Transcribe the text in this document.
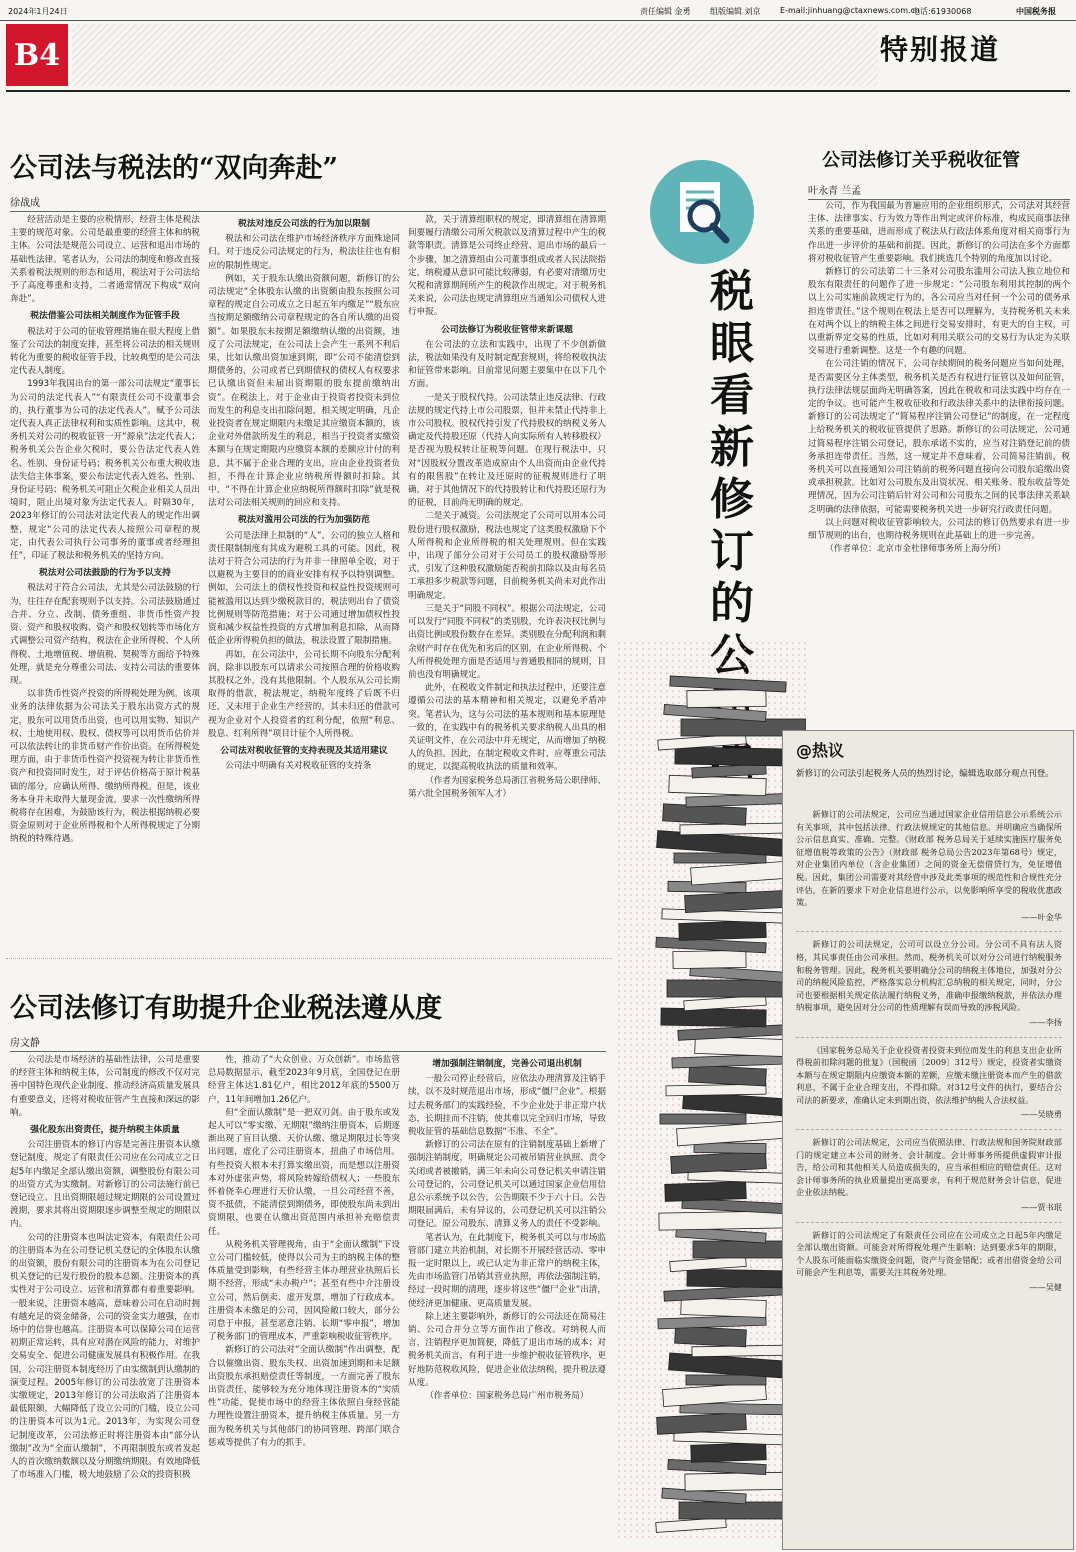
2024年1月24日	责任编辑 金勇 组版编辑 刘京 E-mail:jinhuang@ctaxnews.com.cn
电话:61930068	中国税务报
B4	特别报道
公司法与税法的“双向奔赴”
徐战成

经营活动是主要的应税情形，经营主体是税法主要的规范对象。公司是最重要的经营主体和纳税主体。公司法是规范公司设立、运营和退出市场的基础性法律。笔者认为，公司法的制度和修改直接关系着税法规则的形态和适用，税法对于公司法给予了高度尊重和支持，二者通常情况下构成“双向奔赴”。

税法借鉴公司法相关制度作为征管手段

税法对于公司的征收管理措施在很大程度上借鉴了公司法的制度安排，甚至将公司法的相关规则转化为重要的税收征管手段，比较典型的是公司法定代表人制度。

1993年我国出台的第一部公司法规定“董事长为公司的法定代表人”“有限责任公司不设董事会的，执行董事为公司的法定代表人”。赋予公司法定代表人真正法律权利和实质性影响。这其中，税务机关对公司的税收征管一开“源泉”法定代表人；税务机关公告企业欠税时，要公告法定代表人姓名、性别、身份证号码；税务机关公布重大税收违法失信主体事案，要公布法定代表人姓名、性别、身份证号码；税务机关可阻止欠税企业相关人员出境时，阻止出境对象为法定代表人。时隔30年，2023年修订的公司法对法定代表人的规定作出调整，规定“公司的法定代表人按照公司章程的规定，由代表公司执行公司事务的董事或者经理担任”，印证了税法和税务机关的坚持方向。

税法对公司法鼓励的行为予以支持

税法对于符合公司法，尤其是公司法鼓励的行为，往往存在配套规则予以支持。公司法鼓励通过合并、分立、改制、债务重组、非货币性资产投资、资产和股权收购、资产和股权划转等市场化方式调整公司资产结构，税法在企业所得税、个人所得税、土地增值税、增值税、契税等方面给予特殊处理，就是充分尊重公司法、支持公司法的重要体现。

以非货币性资产投资的所得税处理为例。该项业务的法律依据为公司法关于股东出资方式的规定，股东可以用货币出资，也可以用实物、知识产权、土地使用权、股权、债权等可以用货币估价并可以依法转让的非货币财产作价出资。在所得税处理方面，由于非货币性资产投资视为转让非货币性资产和投资同时发生，对于评估价格高于原计税基础的部分，应确认所得、缴纳所得税。但是，该业务本身并未取得大量现金流，要求一次性缴纳所得税将存在困难，为鼓励该行为，税法根据纳税必要资金原则对于企业所得税和个人所得税规定了分期纳税的特殊待遇。

税法对违反公司法的行为加以限制

税法和公司法在维护市场经济秩序方面殊途同归。对于违反公司法规定的行为，税法往往也有相应的限制性规定。

例如，关于股东认缴出资额问题，新修订的公司法规定“全体股东认缴的出资额由股东按照公司章程的规定自公司成立之日起五年内缴足”“股东应当按期足额缴纳公司章程规定的各自所认缴的出资额”。如果股东未按期足额缴纳认缴的出资额，违反了公司法规定，在公司法上会产生一系列不利后果，比如认缴出资加速到期，即“公司不能清偿到期债务的，公司或者已到期债权的债权人有权要求已认缴出资但未届出资期限的股东提前缴纳出资”。在税法上，对于企业由于投资者投资未到位而发生的利息支出扣除问题，相关规定明确，凡企业投资者在规定期限内未缴足其应缴资本额的，该企业对外借款所发生的利息，相当于投资者实缴资本额与在规定期限内应缴资本额的差额应计付的利息，其不属于企业合理的支出，应由企业投资者负担，不得在计算企业应纳税所得额时扣除。其中，“不得在计算企业应纳税所得额时扣除”就是税法对公司法相关规则的回应和支持。

税法对滥用公司法的行为加强防范

公司是法律上拟制的“人”，公司的独立人格和责任限制制度有其成为避税工具的可能。因此，税法对于符合公司法的行为并非一律照单全收，对于以避税为主要目的的商业安排有权予以特别调整。例如，公司法上的债权性投资和权益性投资规则可能被滥用以达到少缴税款目的，税法则出台了债资比例规则等防范措施；对于公司通过增加债权性投资和减少权益性投资的方式增加利息扣除，从而降低企业所得税负担的做法，税法设置了限制措施。

再如，在公司法中，公司长期不向股东分配利润，除非以股东可以请求公司按照合理的价格收购其股权之外，没有其他限制。个人股东从公司长期取得的借款，税法规定，纳税年度终了后既不归还，又未用于企业生产经营的，其未归还的借款可视为企业对个人投资者的红利分配，依照“利息、股息、红利所得”项目计征个人所得税。

公司法对税收征管的支持表现及其适用建议

公司法中明确有关对税收征管的支持条

款，关于清算组职权的规定，即清算组在清算期间要履行清缴公司所欠税款以及清算过程中产生的税款等职责。清算是公司终止经营、退出市场的最后一个步骤，加之清算组由公司董事组成或者人民法院指定，纳税遵从意识可能比较薄弱，有必要对清缴历史欠税和清算期间所产生的税款作出规定。对于税务机关来说，公司法也规定清算组应当通知公司债权人进行申报。

公司法修订为税收征管带来新课题

在公司法的立法和实践中，出现了不少创新做法，税法如果没有及时制定配套规则，将给税收执法和征管带来影响。目前常见问题主要集中在以下几个方面。

一是关于股权代持。公司法禁止违反法律、行政法规的规定代持上市公司股票，但并未禁止代持非上市公司股权。股权代持引发了代持股权的纳税义务人确定及代持股还原（代持人向实际所有人转移股权）是否视为股权转让征税等问题。在现行税法中，只对“因股权分置改革造成原由个人出资而由企业代持有的限售股”在转让及还原时的征税规则进行了明确，对于其他情况下的代持股转让和代持股还原行为的征税，目前尚无明确的规定。

二是关于减资。公司法规定了公司可以用本公司股份进行股权激励，税法也规定了这类股权激励下个人所得税和企业所得税的相关处理规则。但在实践中，出现了部分公司对于公司员工的股权激励等形式，引发了这种股权激励能否税前扣除以及由每名员工承担多少税款等问题，目前税务机关尚未对此作出明确规定。

三是关于“同股不同权”。根据公司法规定，公司可以发行“同股不同权”的类别股，允许表决权比例与出资比例或股份数存在差异。类别股在分配利润和剩余财产时存在优先和劣后的区别，在企业所得税、个人所得税处理方面是否适用与普通股相同的规则，目前也没有明确规定。

此外，在税收文件制定和执法过程中，还要注意遵循公司法的基本精神和相关规定，以避免矛盾冲突。笔者认为，这与公司法的基本规则和基本原理是一致的，在实践中有的税务机关要求纳税人出具的相关证明文件，在公司法中并无规定，从而增加了纳税人的负担。因此，在制定税收文件时，应尊重公司法的规定，以提高税收执法的质量和效率。

（作者为国家税务总局浙江省税务局公职律师、第六批全国税务领军人才）

税
眼
看
新
修
订
的
公司法修订关乎税收征管
叶永青 兰孟

公司，作为我国最为普遍应用的企业组织形式，公司法对其经营主体、法律事实、行为效力等作出判定或评价标准，构成民商事法律关系的重要基础，进而形成了税法从行政法体系角度对相关商事行为作出进一步评价的基础和前提。因此，新修订的公司法在多个方面都将对税收征管产生重要影响。我们挑选几个特别的角度加以讨论。

新修订的公司法第二十三条对公司股东滥用公司法人独立地位和股东有限责任的问题作了进一步规定：“公司股东利用其控制的两个以上公司实施前款规定行为的，各公司应当对任何一个公司的债务承担连带责任。”这个规则在税法上是否可以理解为，支持税务机关未来在对两个以上的纳税主体之间进行交易安排时，有更大的自主权，可以重新界定交易的性质，比如对利用关联公司的交易行为认定为关联交易进行重新调整。这是一个有趣的问题。

在公司注销的情况下，公司存续期间的税务问题应当如何处理，是否需要区分主体类型，税务机关是否有权进行征管以及如何征管，执行法律法规层面尚无明确答案，因此在税收和司法实践中均存在一定的争议。也可能产生税收征收和行政法律关系中的法律衔接问题。新修订的公司法规定了“简易程序注销公司登记”的制度，在一定程度上给税务机关的税收征管提供了思路。新修订的公司法规定，公司通过简易程序注销公司登记，股东承诺不实的，应当对注销登记前的债务承担连带责任。当然，这一规定并不意味着，公司简易注销前，税务机关可以直接通知公司注销前的税务问题直接向公司股东追缴出资或承担税款。比如对公司股东及出资状况、相关账务、股东收益等处理情况，因为公司注销后针对公司和公司股东之间的民事法律关系缺乏明确的法律依据，可能需要税务机关进一步研究行政责任问题。

以上问题对税收征管影响较大，公司法的修订仍然要求有进一步细节规则的出台，也期待税务规则在此基础上的进一步完善。

（作者单位：北京市金杜律师事务所上海分所）

@热议
新修订的公司法引起税务人员的热烈讨论，编辑选取部分观点刊登。

新修订的公司法规定，公司应当通过国家企业信用信息公示系统公示有关事项，其中包括法律、行政法规规定的其他信息。并明确应当确保所公示信息真实、准确、完整。《财政部 税务总局关于延续实施医疗服务免征增值税等政策的公告》（财政部 税务总局公告2023年第68号）规定，对企业集团内单位（含企业集团）之间的资金无偿借贷行为，免征增值税。因此，集团公司需要对其经营中涉及此类事项的规范性和合规性充分评估，在新的要求下对企业信息进行公示，以免影响所享受的税收优惠政策。

——叶金华

新修订的公司法规定，公司可以设立分公司。分公司不具有法人资格，其民事责任由公司承担。然而，税务机关可以对分公司进行纳税服务和税务管理。因此，税务机关要明确分公司的纳税主体地位，加强对分公司的纳税风险监控，严格落实总分机构汇总纳税的相关规定，同时，分公司也要根据相关规定依法履行纳税义务，准确申报缴纳税款，并依法办理纳税事项，避免因对分公司的性质理解有误而导致的涉税风险。

——李扬

《国家税务总局关于企业投资者投资未到位而发生的利息支出企业所得税前扣除问题的批复》（国税函〔2009〕312号）规定，投资者实缴资本额与在规定期限内应缴资本额的差额，应缴未缴注册资本而产生的借款利息，不属于企业合理支出，不得扣除。对312号文件的执行，要结合公司法的新要求，准确认定未到期出资，依法维护纳税人合法权益。

——吴晓勇

新修订的公司法规定，公司应当依照法律、行政法规和国务院财政部门的规定建立本公司的财务、会计制度。会计师事务所提供虚假审计报告，给公司和其他相关人员造成损失的，应当承担相应的赔偿责任。这对会计师事务所的执业质量提出更高要求，有利于规范财务会计信息，促进企业依法纳税。

——贾书珉

新修订的公司法规定了有限责任公司应在公司成立之日起5年内缴足全部认缴出资额。可能会对所得税处理产生影响：达到要求5年的期限，个人股东可能面临实缴资金问题，资产与资金错配；或者出借资金给公司可能会产生利息等，需要关注其税务处理。

——吴健

公司法修订有助提升企业税法遵从度
房文静

公司法是市场经济的基础性法律，公司是重要的经营主体和纳税主体，公司制度的修改不仅对完善中国特色现代企业制度、推动经济高质量发展具有重要意义，还将对税收征管产生直接和深远的影响。

强化股东出资责任，提升纳税主体质量

公司注册资本的修订内容是完善注册资本认缴登记制度，规定了有限责任公司应在公司成立之日起5年内缴足全部认缴出资额，调整股份有限公司的出资方式为实缴制。对新修订的公司法施行前已登记设立、且出资期限超过规定期限的公司设置过渡期，要求其将出资期限逐步调整至规定的期限以内。

公司的注册资本也叫法定资本，有限责任公司的注册资本为在公司登记机关登记的全体股东认缴的出资额，股份有限公司的注册资本为在公司登记机关登记的已发行股份的股本总额。注册资本的真实性对于公司设立、运营和清算都有着重要影响。一般来说，注册资本越高，意味着公司在启动时拥有越充足的资金储备，公司的资金实力越强，在市场中的信誉也越高。注册资本可以保障公司在运营初期正常运转，具有应对潜在风险的能力，对维护交易安全、促进公司健康发展具有积极作用。在我国，公司注册资本制度经历了由实缴制到认缴制的演变过程。2005年修订的公司法放宽了注册资本实缴规定，2013年修订的公司法取消了注册资本最低限额，大幅降低了设立公司的门槛，设立公司的注册资本可以为1元。2013年，为实现公司登记制度改革，公司法修正时将注册资本由“部分认缴制”改为“全面认缴制”，不再限制股东或者发起人的首次缴纳数额以及分期缴纳期限。有效地降低了市场准入门槛，极大地鼓励了公众的投资积极

性，推动了“大众创业、万众创新”。市场监管总局数据显示，截至2023年9月底，全国登记在册经营主体达1.81亿户，相比2012年底的5500万户，11年间增加1.26亿户。

但“全面认缴制”是一把双刃剑。由于股东或发起人可以“零实缴、无期限”缴纳注册资本，后期逐渐出现了盲目认缴、天价认缴、缴足期限过长等突出问题，虚化了公司注册资本，扭曲了市场信用。有些投资人根本未打算实缴出资，而是想以注册资本对外虚张声势，将风险转嫁给债权人；一些股东怀着侥幸心理进行天价认缴，一旦公司经营不善，资不抵债，不能清偿到期债务，即使股东尚未到出资期限，也要在认缴出资范围内承担补充赔偿责任。

从税务机关管理视角，由于“全面认缴制”下设立公司门槛较低，使得以公司为主的纳税主体的整体质量受到影响，有些经营主体办理营业执照后长期不经营，形成“未办税户”；甚至有些中介注册设立公司，然后倒卖、虚开发票，增加了行政成本。注册资本未缴足的公司，因风险敞口较大，部分公司怠于申报，甚至恶意注销、长期“零申报”，增加了税务部门的管理成本，严重影响税收征管秩序。

新修订的公司法对“全面认缴制”作出调整，配合以催缴出资、股东失权、出资加速到期和未足额出资股东承担赔偿责任等制度，一方面完善了股东出资责任，能够较为充分地体现注册资本的“实质性”功能，促使市场中的经营主体依照自身经营能力理性设置注册资本，提升纳税主体质量。另一方面为税务机关与其他部门的协同管理、跨部门联合惩戒等提供了有力的抓手。

增加强制注销制度，完善公司退出机制

一般公司停止经营后，应依法办理清算及注销手续，以不及时规范退出市场，形成“僵尸企业”。根据过去税务部门的实践经验，不少企业处于非正常户状态，长期挂而不注销，使其难以完全回归市场，导致税收征管的基础信息数据“不准、不全”。

新修订的公司法在原有的注销制度基础上新增了强制注销制度，明确规定公司被吊销营业执照、责令关闭或者被撤销，满三年未向公司登记机关申请注销公司登记的，公司登记机关可以通过国家企业信用信息公示系统予以公告，公告期限不少于六十日。公告期限届满后，未有异议的，公司登记机关可以注销公司登记。原公司股东、清算义务人的责任不受影响。

笔者认为，在此制度下，税务机关可以与市场监管部门建立共治机制，对长期不开展经营活动、零申报一定时限以上，或已认定为非正常户的纳税主体，先由市场监管门吊销其营业执照，再依法强制注销，经过一段时期的清理，逐步将这些“僵尸企业”出清，使经济更加健康、更高质量发展。

除上述主要影响外，新修订的公司法还在简易注销、公司合并分立等方面作出了修改。对纳税人而言，注销程序更加简便，降低了退出市场的成本；对税务机关而言，有利于进一步维护税收征管秩序，更好地防范税收风险，促进企业依法纳税，提升税法遵从度。

（作者单位：国家税务总局广州市税务局）
